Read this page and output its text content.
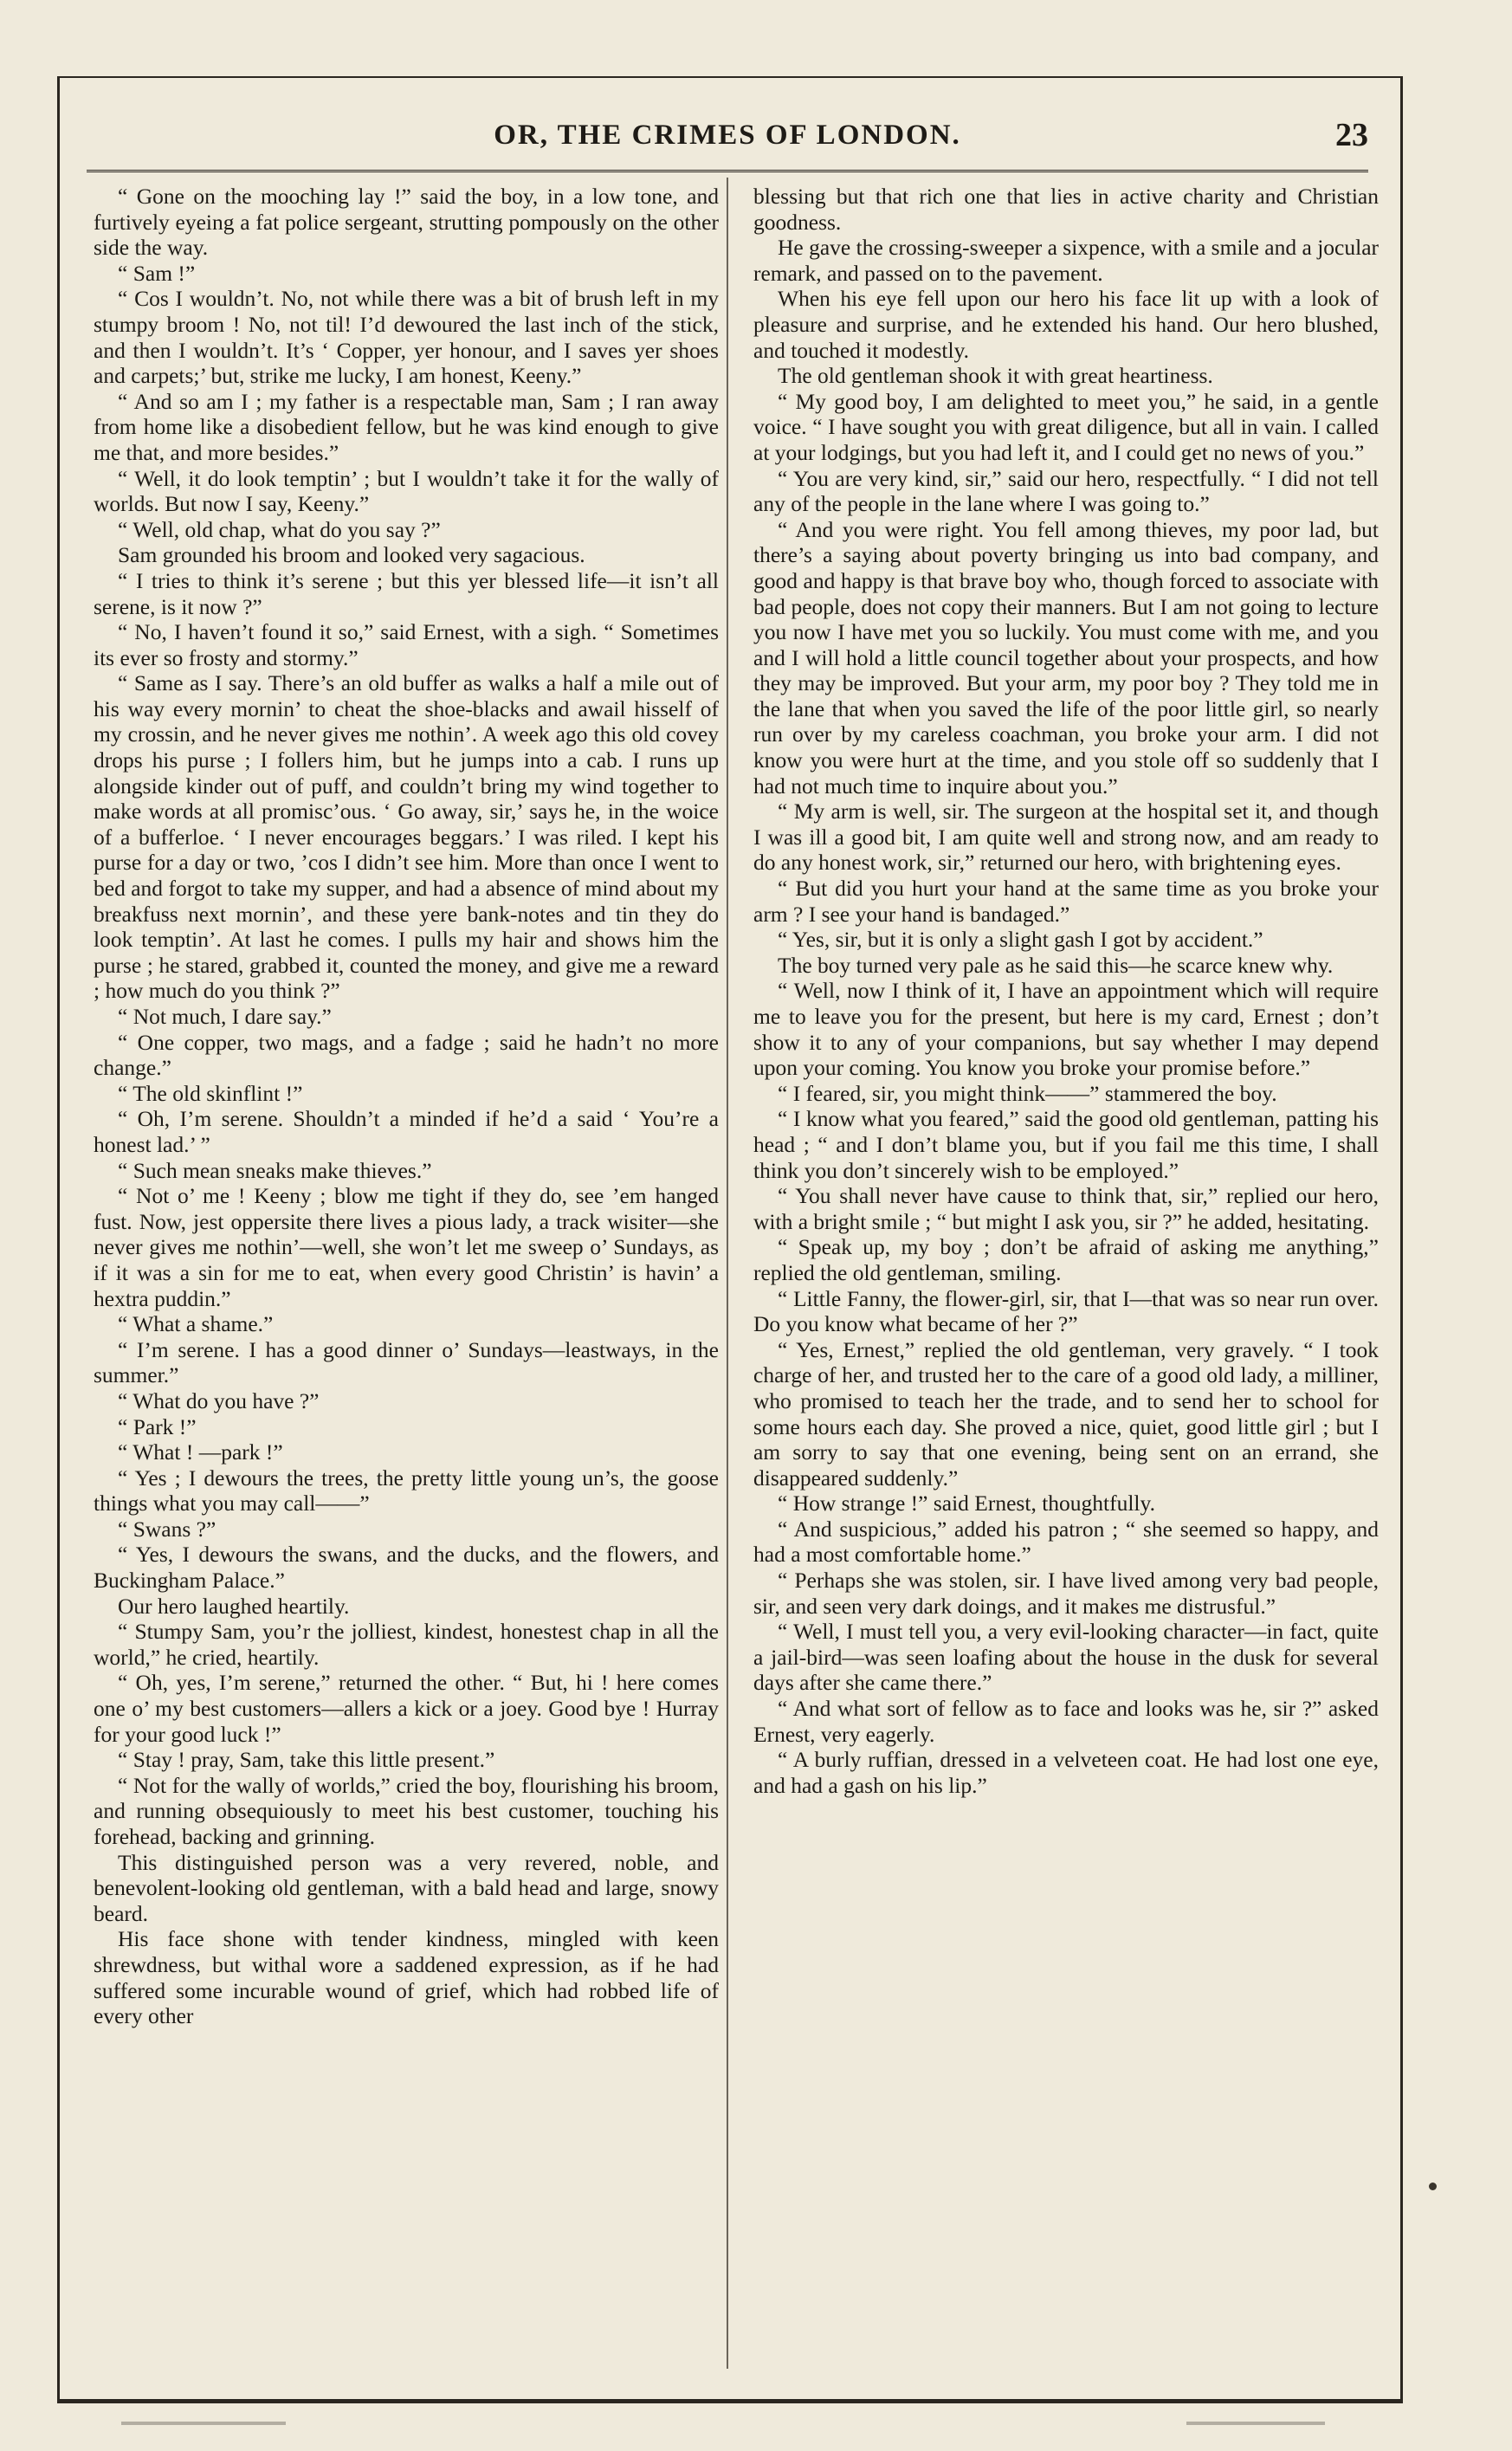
OR, THE CRIMES OF LONDON.	23

“ Gone on the mooching lay !” said the boy, in a low tone, and furtively eyeing a fat police sergeant, strutting pompously on the other side the way.

“ Sam !”

“ Cos I wouldn’t. No, not while there was a bit of brush left in my stumpy broom ! No, not til! I’d dewoured the last inch of the stick, and then I wouldn’t. It’s ‘ Copper, yer honour, and I saves yer shoes and carpets;’ but, strike me lucky, I am honest, Keeny.”

“ And so am I ; my father is a respectable man, Sam ; I ran away from home like a disobedient fellow, but he was kind enough to give me that, and more besides.”

“ Well, it do look temptin’ ; but I wouldn’t take it for the wally of worlds. But now I say, Keeny.”

“ Well, old chap, what do you say ?”

Sam grounded his broom and looked very sagacious.

“ I tries to think it’s serene ; but this yer blessed life—it isn’t all serene, is it now ?”

“ No, I haven’t found it so,” said Ernest, with a sigh. “ Sometimes its ever so frosty and stormy.”

“ Same as I say. There’s an old buffer as walks a half a mile out of his way every mornin’ to cheat the shoe-blacks and awail hisself of my crossin, and he never gives me nothin’. A week ago this old covey drops his purse ; I follers him, but he jumps into a cab. I runs up alongside kinder out of puff, and couldn’t bring my wind together to make words at all promisc’ous. ‘ Go away, sir,’ says he, in the woice of a bufferloe. ‘ I never encourages beggars.’ I was riled. I kept his purse for a day or two, ’cos I didn’t see him. More than once I went to bed and forgot to take my supper, and had a absence of mind about my breakfuss next mornin’, and these yere bank-notes and tin they do look temptin’. At last he comes. I pulls my hair and shows him the purse ; he stared, grabbed it, counted the money, and give me a reward ; how much do you think ?”

“ Not much, I dare say.”

“ One copper, two mags, and a fadge ; said he hadn’t no more change.”

“ The old skinflint !”

“ Oh, I’m serene. Shouldn’t a minded if he’d a said ‘ You’re a honest lad.’ ”

“ Such mean sneaks make thieves.”

“ Not o’ me ! Keeny ; blow me tight if they do, see ’em hanged fust. Now, jest oppersite there lives a pious lady, a track wisiter—she never gives me nothin’—well, she won’t let me sweep o’ Sundays, as if it was a sin for me to eat, when every good Christin’ is havin’ a hextra puddin.”

“ What a shame.”

“ I’m serene. I has a good dinner o’ Sundays—leastways, in the summer.”

“ What do you have ?”

“ Park !”

“ What ! —park !”

“ Yes ; I dewours the trees, the pretty little young un’s, the goose things what you may call——”

“ Swans ?”

“ Yes, I dewours the swans, and the ducks, and the flowers, and Buckingham Palace.”

Our hero laughed heartily.

“ Stumpy Sam, you’r the jolliest, kindest, honestest chap in all the world,” he cried, heartily.

“ Oh, yes, I’m serene,” returned the other. “ But, hi ! here comes one o’ my best customers—allers a kick or a joey. Good bye ! Hurray for your good luck !”

“ Stay ! pray, Sam, take this little present.”

“ Not for the wally of worlds,” cried the boy, flourishing his broom, and running obsequiously to meet his best customer, touching his forehead, backing and grinning.

This distinguished person was a very revered, noble, and benevolent-looking old gentleman, with a bald head and large, snowy beard.

His face shone with tender kindness, mingled with keen shrewdness, but withal wore a saddened expression, as if he had suffered some incurable wound of grief, which had robbed life of every other

blessing but that rich one that lies in active charity and Christian goodness.

He gave the crossing-sweeper a sixpence, with a smile and a jocular remark, and passed on to the pavement.

When his eye fell upon our hero his face lit up with a look of pleasure and surprise, and he extended his hand. Our hero blushed, and touched it modestly.

The old gentleman shook it with great heartiness.

“ My good boy, I am delighted to meet you,” he said, in a gentle voice. “ I have sought you with great diligence, but all in vain. I called at your lodgings, but you had left it, and I could get no news of you.”

“ You are very kind, sir,” said our hero, respectfully. “ I did not tell any of the people in the lane where I was going to.”

“ And you were right. You fell among thieves, my poor lad, but there’s a saying about poverty bringing us into bad company, and good and happy is that brave boy who, though forced to associate with bad people, does not copy their manners. But I am not going to lecture you now I have met you so luckily. You must come with me, and you and I will hold a little council together about your prospects, and how they may be improved. But your arm, my poor boy ? They told me in the lane that when you saved the life of the poor little girl, so nearly run over by my careless coachman, you broke your arm. I did not know you were hurt at the time, and you stole off so suddenly that I had not much time to inquire about you.”

“ My arm is well, sir. The surgeon at the hospital set it, and though I was ill a good bit, I am quite well and strong now, and am ready to do any honest work, sir,” returned our hero, with brightening eyes.

“ But did you hurt your hand at the same time as you broke your arm ? I see your hand is bandaged.”

“ Yes, sir, but it is only a slight gash I got by accident.”

The boy turned very pale as he said this—he scarce knew why.

“ Well, now I think of it, I have an appointment which will require me to leave you for the present, but here is my card, Ernest ; don’t show it to any of your companions, but say whether I may depend upon your coming. You know you broke your promise before.”

“ I feared, sir, you might think——” stammered the boy.

“ I know what you feared,” said the good old gentleman, patting his head ; “ and I don’t blame you, but if you fail me this time, I shall think you don’t sincerely wish to be employed.”

“ You shall never have cause to think that, sir,” replied our hero, with a bright smile ; “ but might I ask you, sir ?” he added, hesitating.

“ Speak up, my boy ; don’t be afraid of asking me anything,” replied the old gentleman, smiling.

“ Little Fanny, the flower-girl, sir, that I—that was so near run over. Do you know what became of her ?”

“ Yes, Ernest,” replied the old gentleman, very gravely. “ I took charge of her, and trusted her to the care of a good old lady, a milliner, who promised to teach her the trade, and to send her to school for some hours each day. She proved a nice, quiet, good little girl ; but I am sorry to say that one evening, being sent on an errand, she disappeared suddenly.”

“ How strange !” said Ernest, thoughtfully.

“ And suspicious,” added his patron ; “ she seemed so happy, and had a most comfortable home.”

“ Perhaps she was stolen, sir. I have lived among very bad people, sir, and seen very dark doings, and it makes me distrusful.”

“ Well, I must tell you, a very evil-looking character—in fact, quite a jail-bird—was seen loafing about the house in the dusk for several days after she came there.”

“ And what sort of fellow as to face and looks was he, sir ?” asked Ernest, very eagerly.

“ A burly ruffian, dressed in a velveteen coat. He had lost one eye, and had a gash on his lip.”
